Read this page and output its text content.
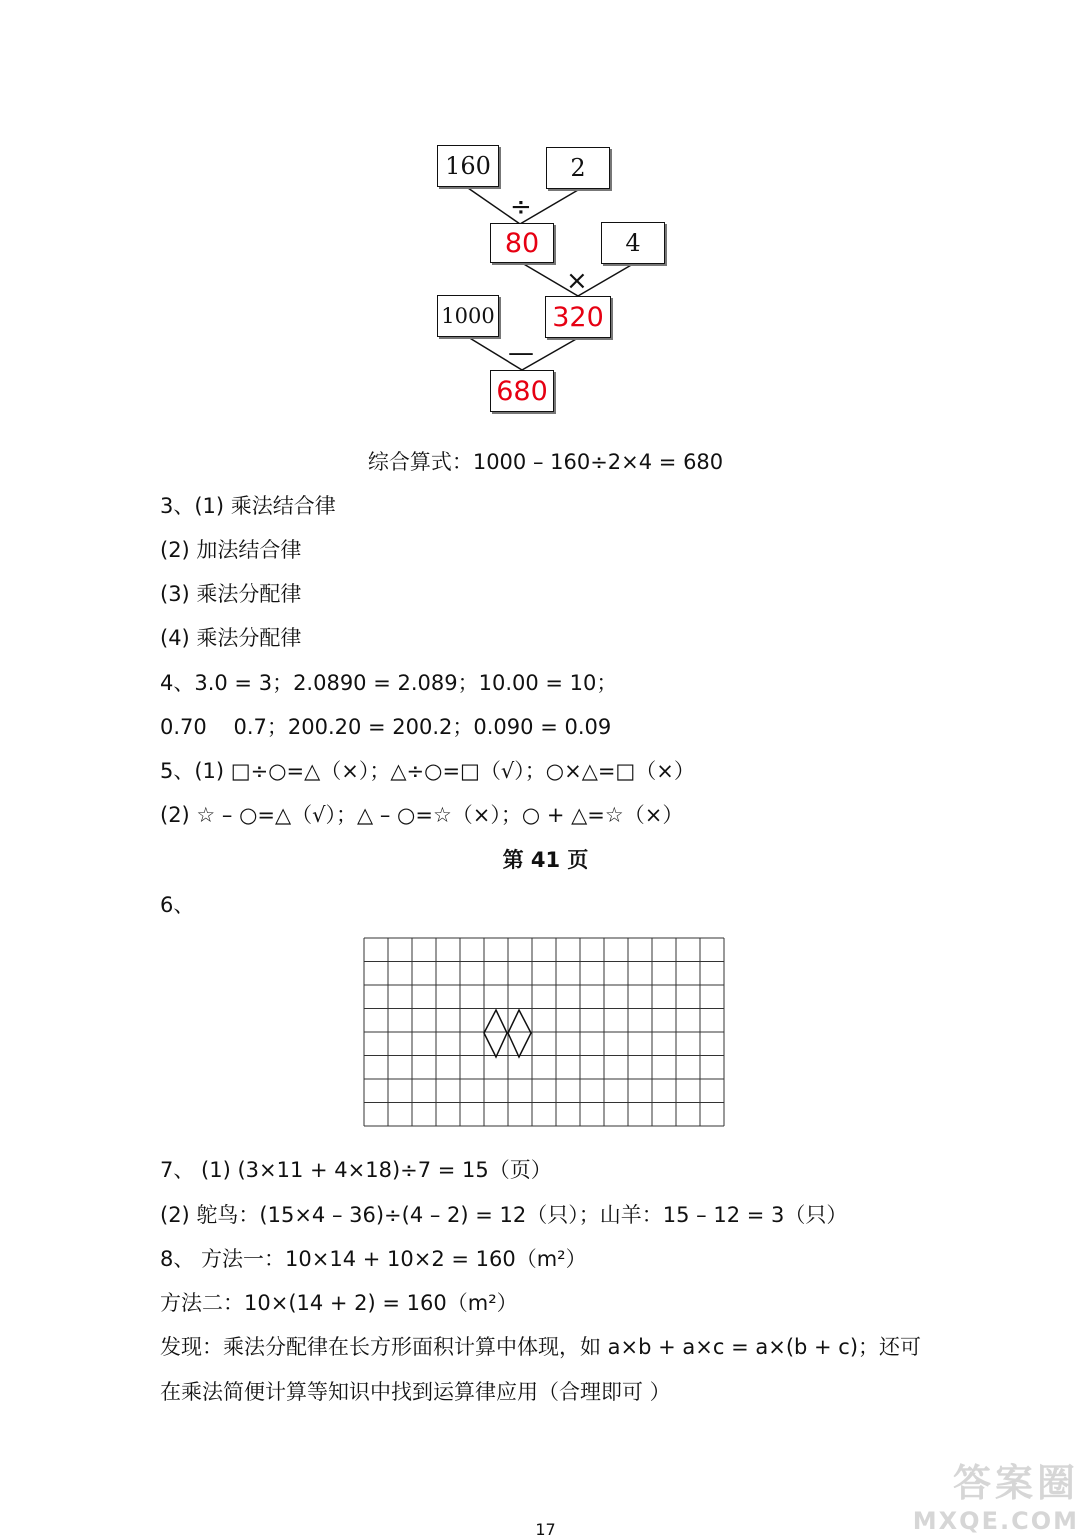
160	2
÷
80	4
×
1000 320
—
680
综合算式：1000 – 160÷2×4 = 680
3、(1) 乘法结合律
(2) 加法结合律
(3) 乘法分配律
(4) 乘法分配律
4、3.0 = 3；2.0890 = 2.089；10.00 = 10；
0.70    0.7；200.20 = 200.2；0.090 = 0.09
5、(1) □÷○=△（×）；△÷○=□（√）；○×△=□（×）
(2) ☆ – ○=△（√）；△ – ○=☆（×）；○ + △=☆（×）
第 41 页
6、
7、 (1) (3×11 + 4×18)÷7 = 15（页）
(2) 鸵鸟：(15×4 – 36)÷(4 – 2) = 12（只）；山羊：15 – 12 = 3（只）
8、 方法一：10×14 + 10×2 = 160（m²）
方法二：10×(14 + 2) = 160（m²）
发现：乘法分配律在长方形面积计算中体现，如 a×b + a×c = a×(b + c)；还可
在乘法简便计算等知识中找到运算律应用（合理即可 ）
答案圈
MXQE.COM
17
